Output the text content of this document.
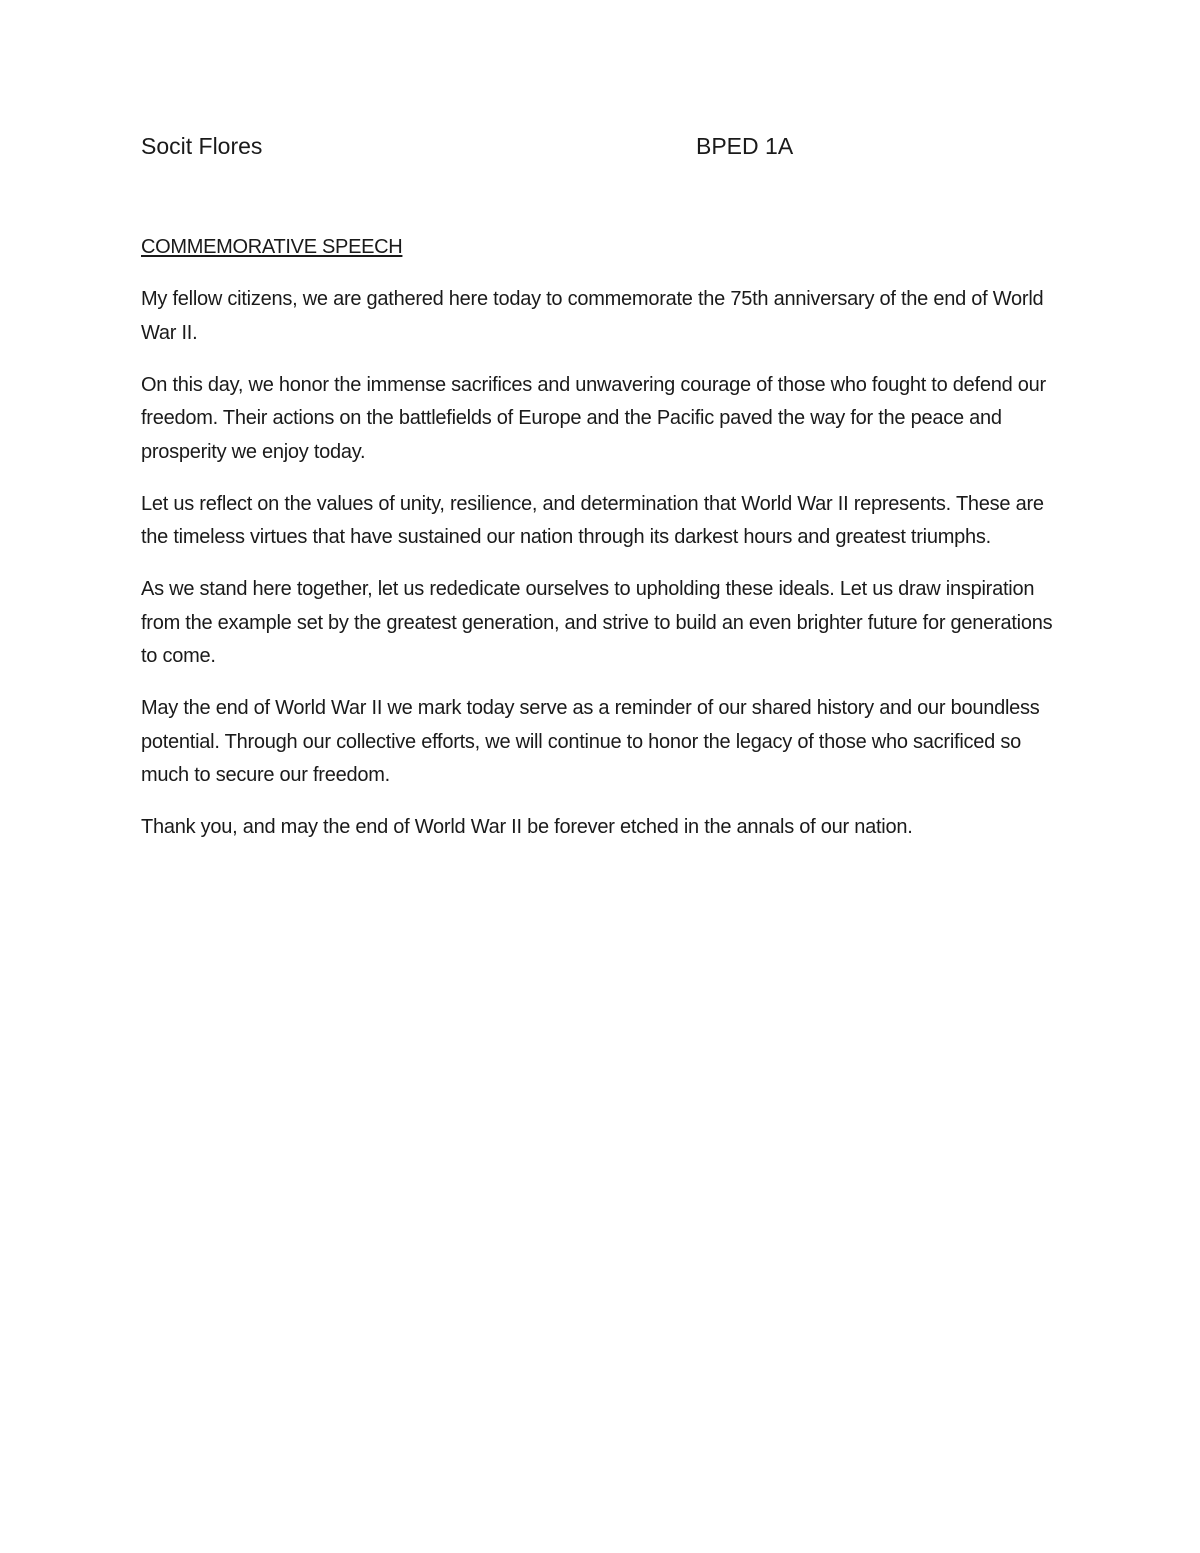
Socit Flores	BPED 1A
COMMEMORATIVE SPEECH

My fellow citizens, we are gathered here today to commemorate the 75th anniversary of the end of World War II.

On this day, we honor the immense sacrifices and unwavering courage of those who fought to defend our freedom. Their actions on the battlefields of Europe and the Pacific paved the way for the peace and prosperity we enjoy today.

Let us reflect on the values of unity, resilience, and determination that World War II represents. These are the timeless virtues that have sustained our nation through its darkest hours and greatest triumphs.

As we stand here together, let us rededicate ourselves to upholding these ideals. Let us draw inspiration from the example set by the greatest generation, and strive to build an even brighter future for generations to come.

May the end of World War II we mark today serve as a reminder of our shared history and our boundless potential. Through our collective efforts, we will continue to honor the legacy of those who sacrificed so much to secure our freedom.

Thank you, and may the end of World War II be forever etched in the annals of our nation.
